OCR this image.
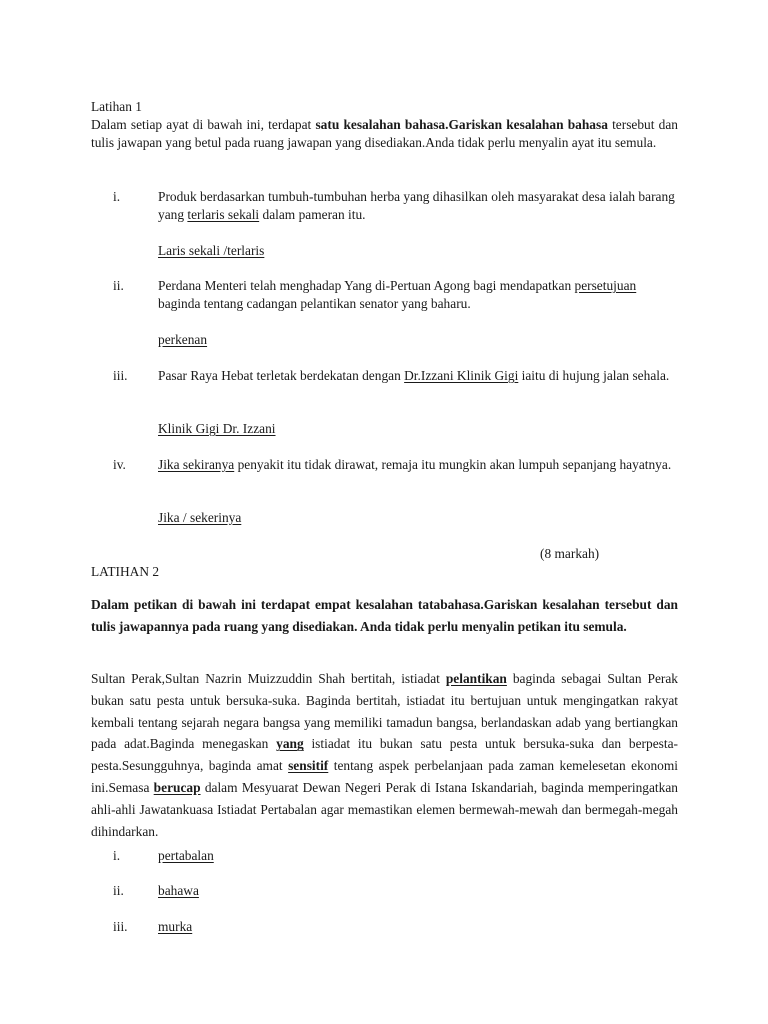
Latihan 1
Dalam setiap ayat di bawah ini, terdapat satu kesalahan bahasa.Gariskan kesalahan bahasa tersebut dan tulis jawapan yang betul pada ruang jawapan yang disediakan.Anda tidak perlu menyalin ayat itu semula.
i.	Produk berdasarkan tumbuh-tumbuhan herba yang dihasilkan oleh masyarakat desa ialah barang yang terlaris sekali dalam pameran itu.
Laris sekali /terlaris
ii.	Perdana Menteri telah menghadap Yang di-Pertuan Agong bagi mendapatkan persetujuan baginda tentang cadangan pelantikan senator yang baharu.
perkenan
iii. Pasar Raya Hebat terletak berdekatan dengan Dr.Izzani Klinik Gigi iaitu di hujung jalan sehala.
Klinik Gigi Dr. Izzani
iv. Jika sekiranya penyakit itu tidak dirawat, remaja itu mungkin akan lumpuh sepanjang hayatnya.
Jika / sekerinya
(8 markah)
LATIHAN 2
Dalam petikan di bawah ini terdapat empat kesalahan tatabahasa.Gariskan kesalahan tersebut dan tulis jawapannya pada ruang yang disediakan. Anda tidak perlu menyalin petikan itu semula.
Sultan Perak,Sultan Nazrin Muizzuddin Shah bertitah, istiadat pelantikan baginda sebagai Sultan Perak bukan satu pesta untuk bersuka-suka. Baginda bertitah, istiadat itu bertujuan untuk mengingatkan rakyat kembali tentang sejarah negara bangsa yang memiliki tamadun bangsa, berlandaskan adab yang bertiangkan pada adat.Baginda menegaskan yang istiadat itu bukan satu pesta untuk bersuka-suka dan berpesta-pesta.Sesungguhnya, baginda amat sensitif tentang aspek perbelanjaan pada zaman kemelesetan ekonomi ini.Semasa berucap dalam Mesyuarat Dewan Negeri Perak di Istana Iskandariah, baginda memperingatkan ahli-ahli Jawatankuasa Istiadat Pertabalan agar memastikan elemen bermewah-mewah dan bermegah-megah dihindarkan.
i.	pertabalan
ii.	bahawa
iii. murka
